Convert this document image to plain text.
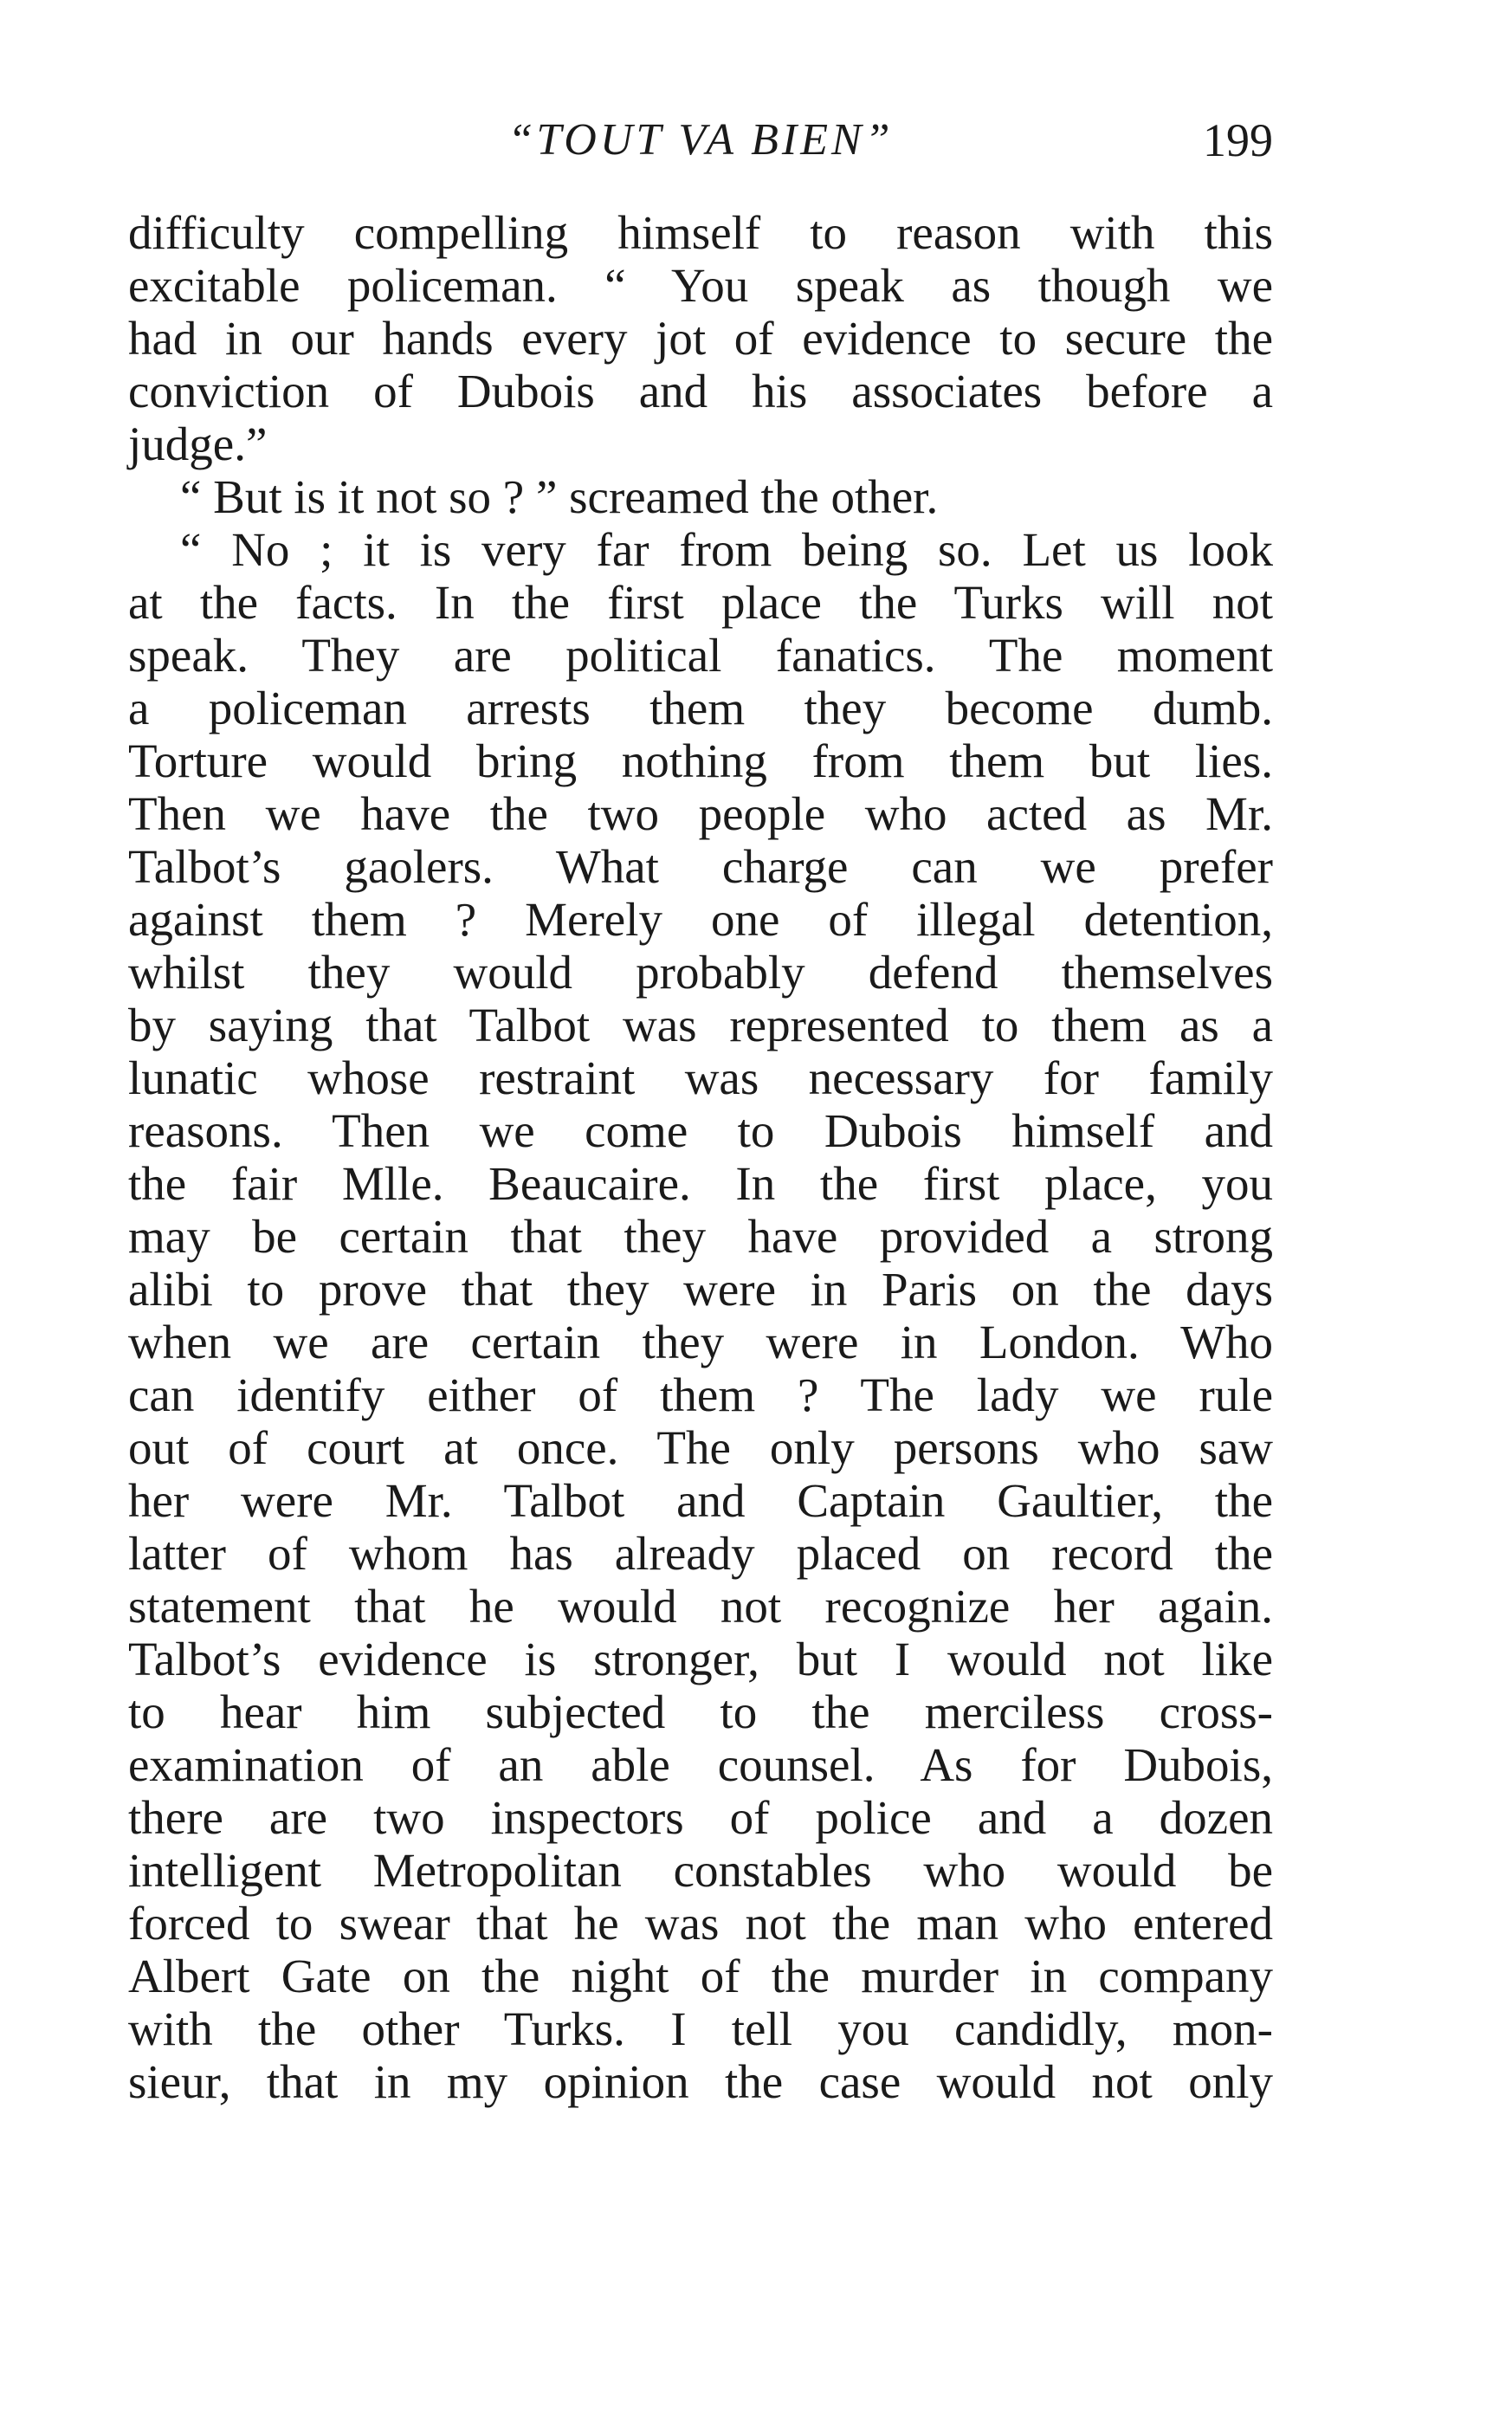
“TOUT VA BIEN”	199
difficulty compelling himself to reason with this
excitable policeman. “ You speak as though we
had in our hands every jot of evidence to secure the
conviction of Dubois and his associates before a
judge.”
“ But is it not so ? ” screamed the other.
“ No ; it is very far from being so. Let us look
at the facts. In the first place the Turks will not
speak. They are political fanatics. The moment
a policeman arrests them they become dumb.
Torture would bring nothing from them but lies.
Then we have the two people who acted as Mr.
Talbot’s gaolers. What charge can we prefer
against them ? Merely one of illegal detention,
whilst they would probably defend themselves
by saying that Talbot was represented to them as a
lunatic whose restraint was necessary for family
reasons. Then we come to Dubois himself and
the fair Mlle. Beaucaire. In the first place, you
may be certain that they have provided a strong
alibi to prove that they were in Paris on the days
when we are certain they were in London. Who
can identify either of them ? The lady we rule
out of court at once. The only persons who saw
her were Mr. Talbot and Captain Gaultier, the
latter of whom has already placed on record the
statement that he would not recognize her again.
Talbot’s evidence is stronger, but I would not like
to hear him subjected to the merciless cross-
examination of an able counsel. As for Dubois,
there are two inspectors of police and a dozen
intelligent Metropolitan constables who would be
forced to swear that he was not the man who entered
Albert Gate on the night of the murder in company
with the other Turks. I tell you candidly, mon-
sieur, that in my opinion the case would not only
